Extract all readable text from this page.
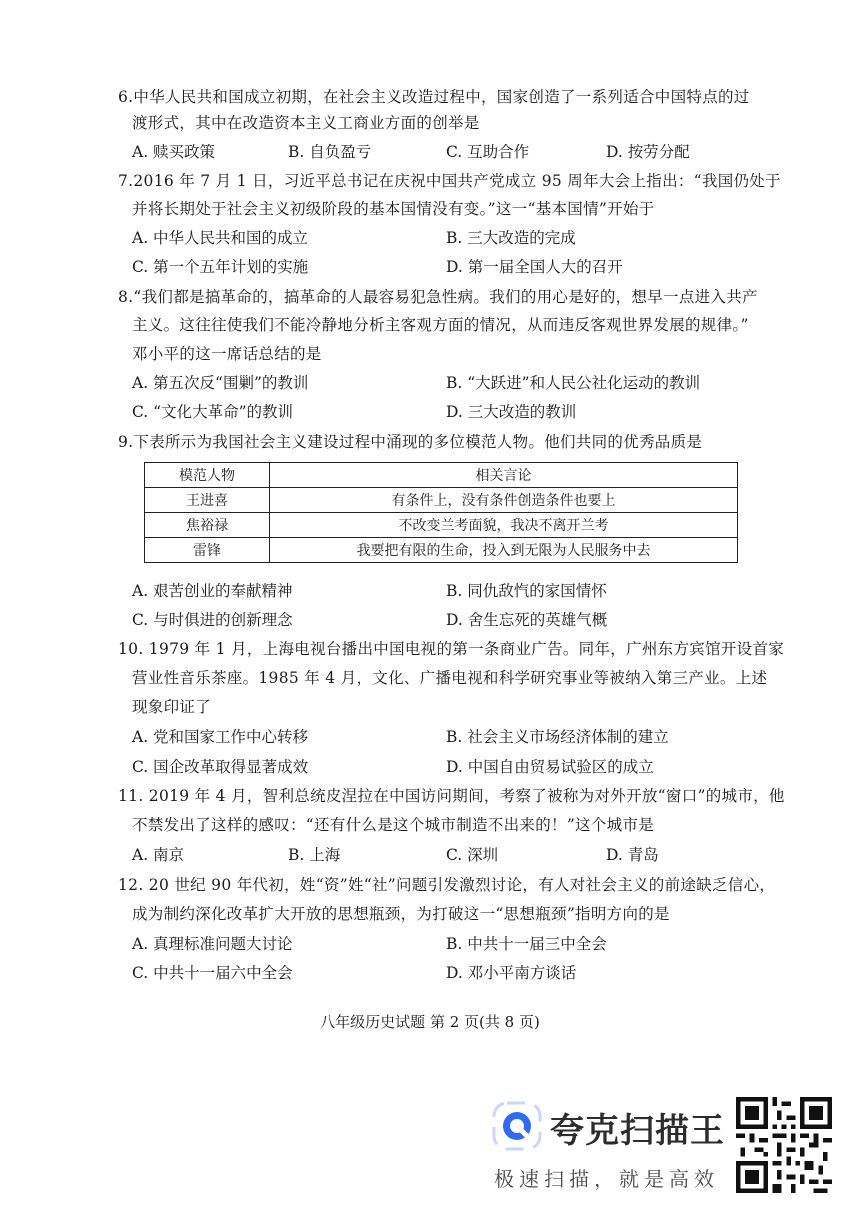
6.中华人民共和国成立初期，在社会主义改造过程中，国家创造了一系列适合中国特点的过
渡形式，其中在改造资本主义工商业方面的创举是
A. 赎买政策	B. 自负盈亏	C. 互助合作	D. 按劳分配
7.2016 年 7 月 1 日，习近平总书记在庆祝中国共产党成立 95 周年大会上指出：“我国仍处于
并将长期处于社会主义初级阶段的基本国情没有变。”这一“基本国情”开始于
A. 中华人民共和国的成立	B. 三大改造的完成
C. 第一个五年计划的实施	D. 第一届全国人大的召开
8.“我们都是搞革命的，搞革命的人最容易犯急性病。我们的用心是好的，想早一点进入共产
主义。这往往使我们不能冷静地分析主客观方面的情况，从而违反客观世界发展的规律。”
邓小平的这一席话总结的是
A. 第五次反“围剿”的教训	B. “大跃进”和人民公社化运动的教训
C. “文化大革命”的教训	D. 三大改造的教训
9.下表所示为我国社会主义建设过程中涌现的多位模范人物。他们共同的优秀品质是
模范人物	相关言论
王进喜	有条件上，没有条件创造条件也要上
焦裕禄	不改变兰考面貌，我决不离开兰考
雷锋	我要把有限的生命，投入到无限为人民服务中去
A. 艰苦创业的奉献精神	B. 同仇敌忾的家国情怀
C. 与时俱进的创新理念	D. 舍生忘死的英雄气概
10. 1979 年 1 月，上海电视台播出中国电视的第一条商业广告。同年，广州东方宾馆开设首家
营业性音乐茶座。1985 年 4 月，文化、广播电视和科学研究事业等被纳入第三产业。上述
现象印证了
A. 党和国家工作中心转移	B. 社会主义市场经济体制的建立
C. 国企改革取得显著成效	D. 中国自由贸易试验区的成立
11. 2019 年 4 月，智利总统皮涅拉在中国访问期间，考察了被称为对外开放“窗口”的城市，他
不禁发出了这样的感叹：“还有什么是这个城市制造不出来的！”这个城市是
A. 南京	B. 上海	C. 深圳	D. 青岛
12. 20 世纪 90 年代初，姓“资”姓“社”问题引发激烈讨论，有人对社会主义的前途缺乏信心，
成为制约深化改革扩大开放的思想瓶颈，为打破这一“思想瓶颈”指明方向的是
A. 真理标准问题大讨论	B. 中共十一届三中全会
C. 中共十一届六中全会	D. 邓小平南方谈话
八年级历史试题 第 2 页(共 8 页)
夸克扫描王
极速扫描，就是高效
